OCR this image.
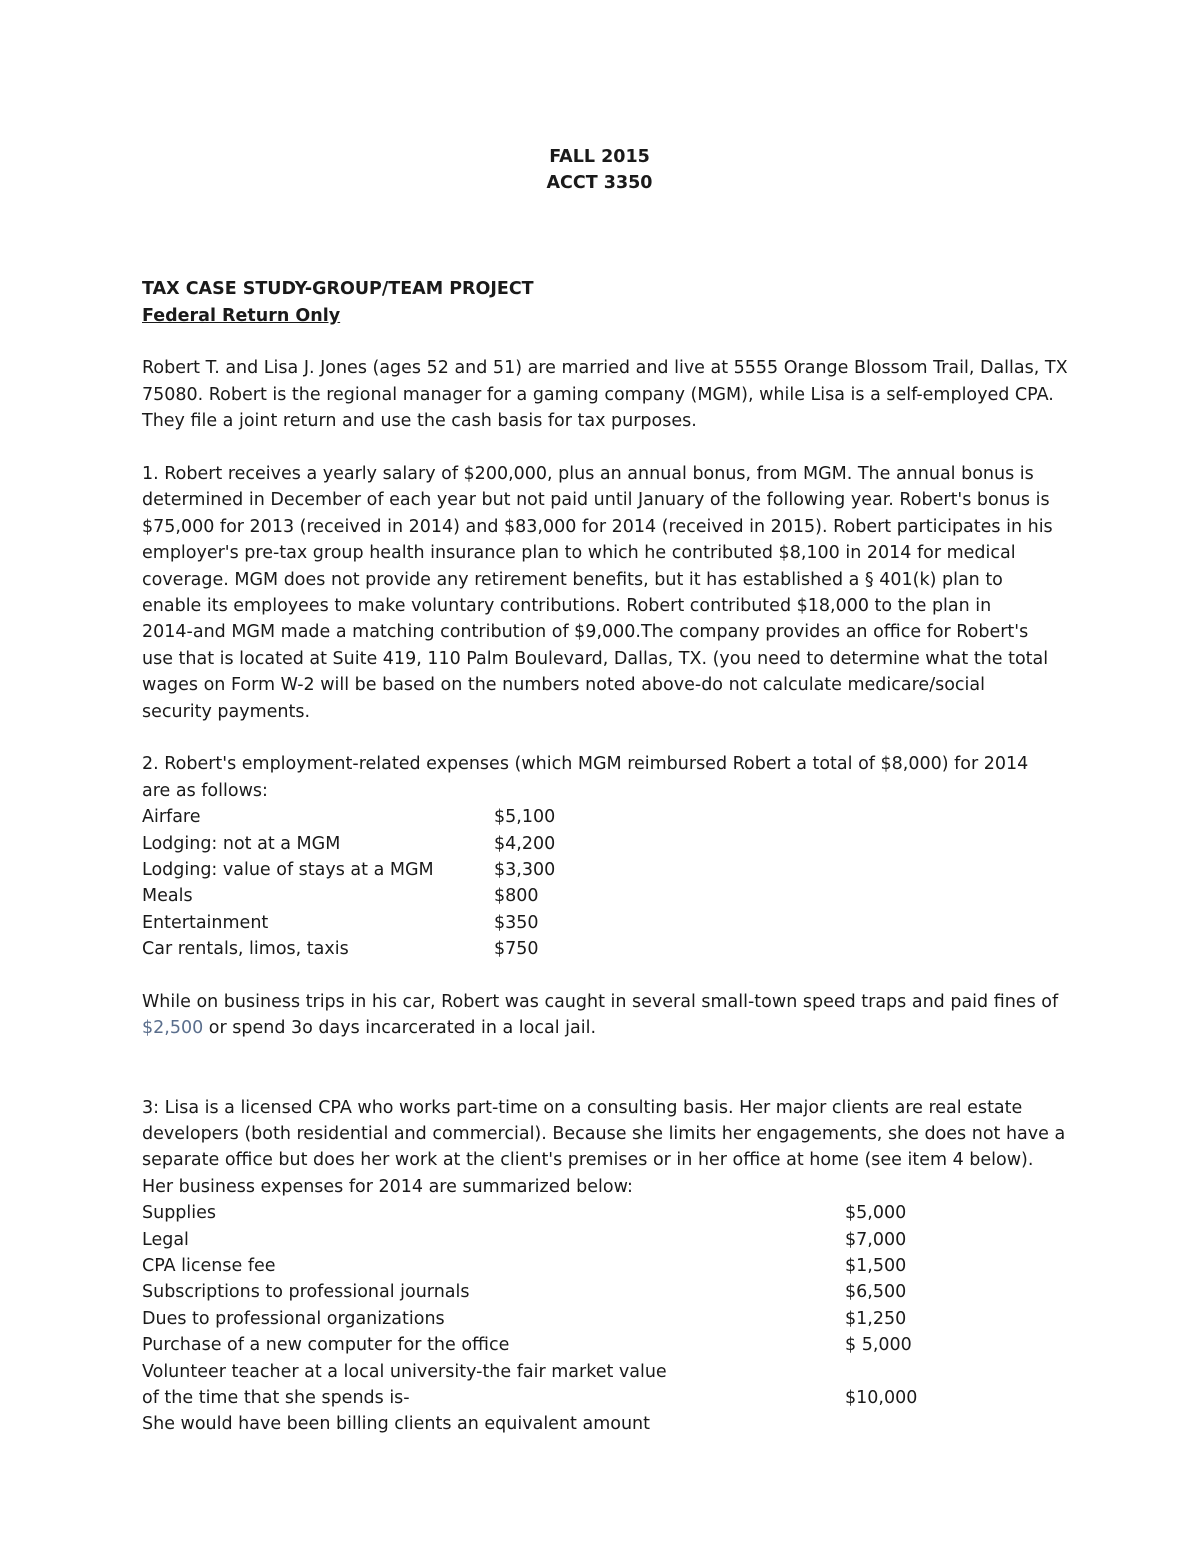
FALL 2015

ACCT 3350

TAX CASE STUDY-GROUP/TEAM PROJECT

Federal Return Only

Robert T. and Lisa J. Jones (ages 52 and 51) are married and live at 5555 Orange Blossom Trail, Dallas, TX

75080. Robert is the regional manager for a gaming company (MGM), while Lisa is a self-employed CPA.

They file a joint return and use the cash basis for tax purposes.

1. Robert receives a yearly salary of $200,000, plus an annual bonus, from MGM. The annual bonus is

determined in December of each year but not paid until January of the following year. Robert's bonus is

$75,000 for 2013 (received in 2014) and $83,000 for 2014 (received in 2015). Robert participates in his

employer's pre-tax group health insurance plan to which he contributed $8,100 in 2014 for medical

coverage. MGM does not provide any retirement benefits, but it has established a § 401(k) plan to

enable its employees to make voluntary contributions. Robert contributed $18,000 to the plan in

2014-and MGM made a matching contribution of $9,000.The company provides an office for Robert's

use that is located at Suite 419, 110 Palm Boulevard, Dallas, TX. (you need to determine what the total

wages on Form W-2 will be based on the numbers noted above-do not calculate medicare/social

security payments.

2. Robert's employment-related expenses (which MGM reimbursed Robert a total of $8,000) for 2014

are as follows:

Airfare	$5,100
Lodging: not at a MGM	$4,200
Lodging: value of stays at a MGM	$3,300
Meals	$800
Entertainment	$350
Car rentals, limos, taxis	$750

While on business trips in his car, Robert was caught in several small-town speed traps and paid fines of

$2,500 or spend 3o days incarcerated in a local jail.

3: Lisa is a licensed CPA who works part-time on a consulting basis. Her major clients are real estate

developers (both residential and commercial). Because she limits her engagements, she does not have a

separate office but does her work at the client's premises or in her office at home (see item 4 below).

Her business expenses for 2014 are summarized below:

Supplies	$5,000
Legal	$7,000
CPA license fee	$1,500
Subscriptions to professional journals	$6,500
Dues to professional organizations	$1,250
Purchase of a new computer for the office	$ 5,000
Volunteer teacher at a local university-the fair market value
of the time that she spends is-	$10,000

She would have been billing clients an equivalent amount
